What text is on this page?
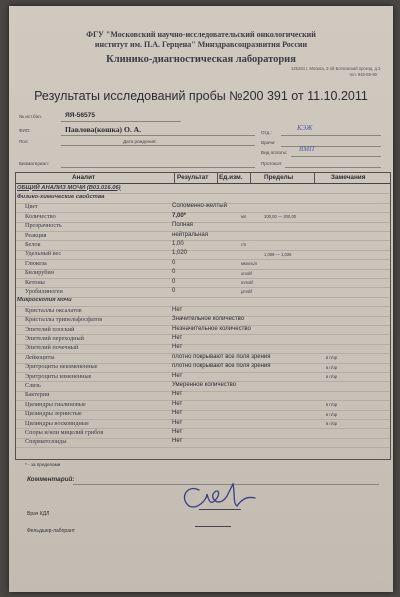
ФГУ "Московский научно-исследовательский онкологический
институт им. П.А. Герцена" Минздравсоцразвития России
Клинико-диагностическая лаборатория
125284 г. Москва, 2-ой Боткинский проезд, д.3
тел. 945-86-80
Результаты исследований пробы №200 391 от 11.10.2011
№ ист.бол.	ЯЯ-56575
ФИО:	Павлова(кошка) О. А.
Пол:	Дата рождения:
Биоматериал:
Отд.:
КЭЖ
Врачи:
Вид оплаты: ВМП
Протокол:
Аналит	Результат Ед.изм.	Пределы	Замечания
ОБЩИЙ АНАЛИЗ МОЧИ (В03.016.06)
Физико-химические свойства
Цвет	Соломенно-желтый
Количество	7,00*	мл	100,00 — 200,00
Прозрачность	Полная
Реакция	нейтральная
Белок	1,00	г/л
Удельный вес	1,020	1,008 — 1,026
Глюкоза	0	ммоль/л
Билирубин	0	umol/l
Кетоны	0	mmol/l
Уробилиноген	0	μmol/l
Микроскопия мочи
Кристаллы оксалатов	Нет
Кристаллы трипельфосфатов	Значительное количество
Эпителий плоский	Незначительное количество
Эпителий переходный	Нет
Эпителий почечный	Нет
Лейкоциты	плотно покрывают все поля зрения	в п/зр
Эритроциты неизмененные	плотно покрывают все поля зрения	в п/зр
Эритроциты измененные	Нет	в п/зр
Слизь	Умеренное количество
Бактерии	Нет
Цилиндры гиалиновые	Нет	в п/зр
Цилиндры зернистые	Нет	в п/зр
Цилиндры восковидные	Нет	в п/зр
Споры и/или мицелий грибов	Нет
Сперматозоиды	Нет
* - за пределами
Комментарий:
Врач КДЛ
Фельдшер-лаборант
